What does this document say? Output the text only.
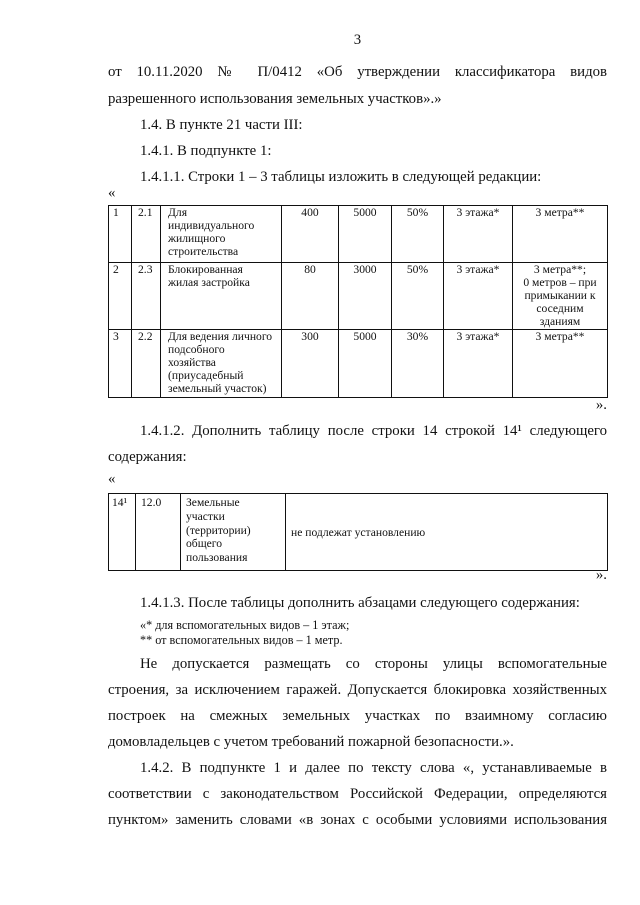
3
от 10.11.2020 № П/0412 «Об утверждении классификатора видов
разрешенного использования земельных участков».»
1.4. В пункте 21 части III:
1.4.1. В подпункте 1:
1.4.1.1. Строки 1 – 3 таблицы изложить в следующей редакции:
«
1	2.1	Для
индивидуального
жилищного
строительства	400	5000	50%	3 этажа*	3 метра**
2	2.3	Блокированная
жилая застройка	80	3000	50%	3 этажа*	3 метра**;
0 метров – при
примыкании к
соседним
зданиям
3	2.2	Для ведения личного
подсобного
хозяйства
(приусадебный
земельный участок)	300	5000	30%	3 этажа*	3 метра**
».
1.4.1.2. Дополнить таблицу после строки 14 строкой 14¹ следующего
содержания:
«
14¹	12.0	Земельные
участки
(территории)
общего
пользования	не подлежат установлению
».
1.4.1.3. После таблицы дополнить абзацами следующего содержания:
«* для вспомогательных видов – 1 этаж;
** от вспомогательных видов – 1 метр.
Не допускается размещать со стороны улицы вспомогательные
строения, за исключением гаражей. Допускается блокировка хозяйственных
построек на смежных земельных участках по взаимному согласию
домовладельцев с учетом требований пожарной безопасности.».
1.4.2. В подпункте 1 и далее по тексту слова «, устанавливаемые в
соответствии с законодательством Российской Федерации, определяются
пунктом» заменить словами «в зонах с особыми условиями использования
